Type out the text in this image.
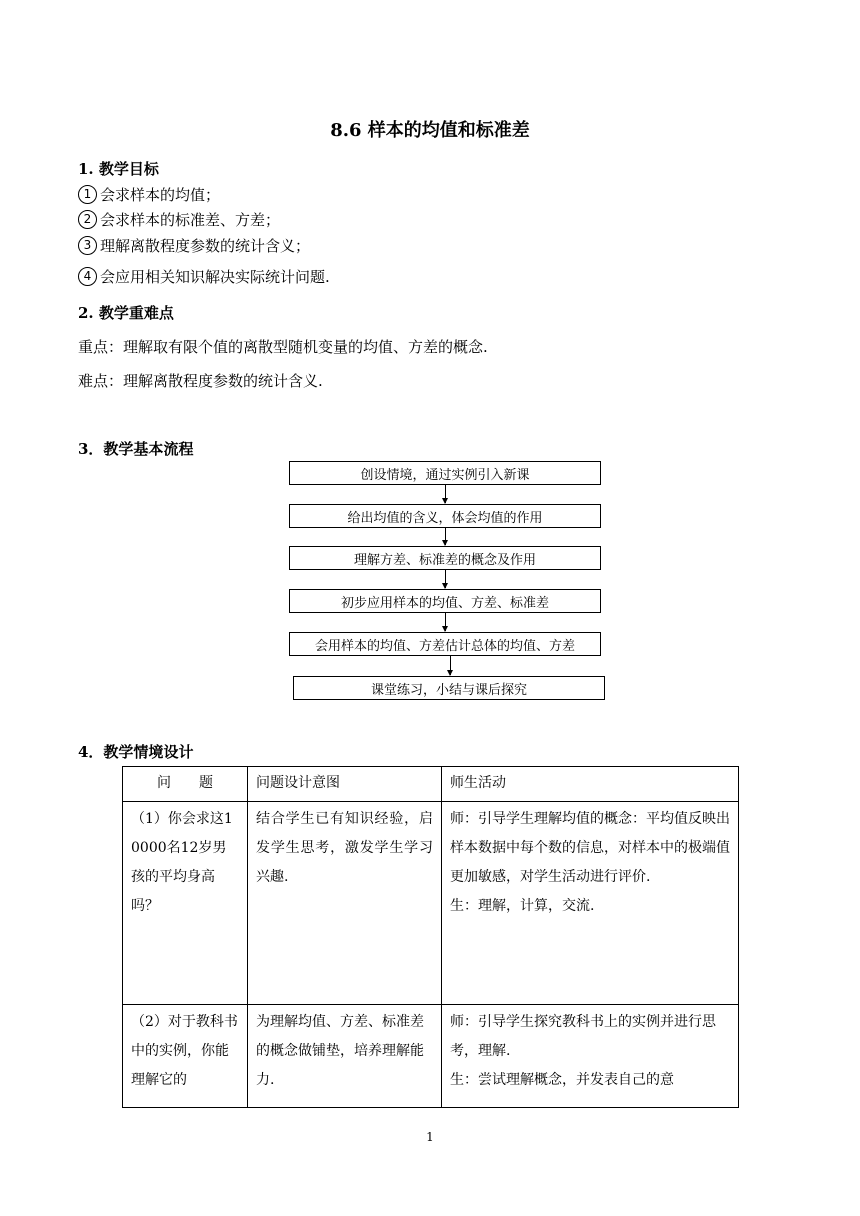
8.6 样本的均值和标准差
1. 教学目标
1 会求样本的均值；
2 会求样本的标准差、方差；
3 理解离散程度参数的统计含义；
4 会应用相关知识解决实际统计问题.
2. 教学重难点
重点：理解取有限个值的离散型随机变量的均值、方差的概念.
难点：理解离散程度参数的统计含义.
3．教学基本流程
创设情境，通过实例引入新课
给出均值的含义，体会均值的作用
理解方差、标准差的概念及作用
初步应用样本的均值、方差、标准差
会用样本的均值、方差估计总体的均值、方差
课堂练习，小结与课后探究
4．教学情境设计
问　　题	问题设计意图	师生活动
（1）你会求这10000名12岁男孩的平均身高吗？	结合学生已有知识经验，启发学生思考，激发学生学习兴趣.	师：引导学生理解均值的概念：平均值反映出样本数据中每个数的信息，对样本中的极端值更加敏感，对学生活动进行评价.
生：理解，计算，交流.

（2）对于教科书中的实例，你能理解它的	为理解均值、方差、标准差的概念做铺垫，培养理解能力.	师：引导学生探究教科书上的实例并进行思考，理解.
生：尝试理解概念，并发表自己的意
1
